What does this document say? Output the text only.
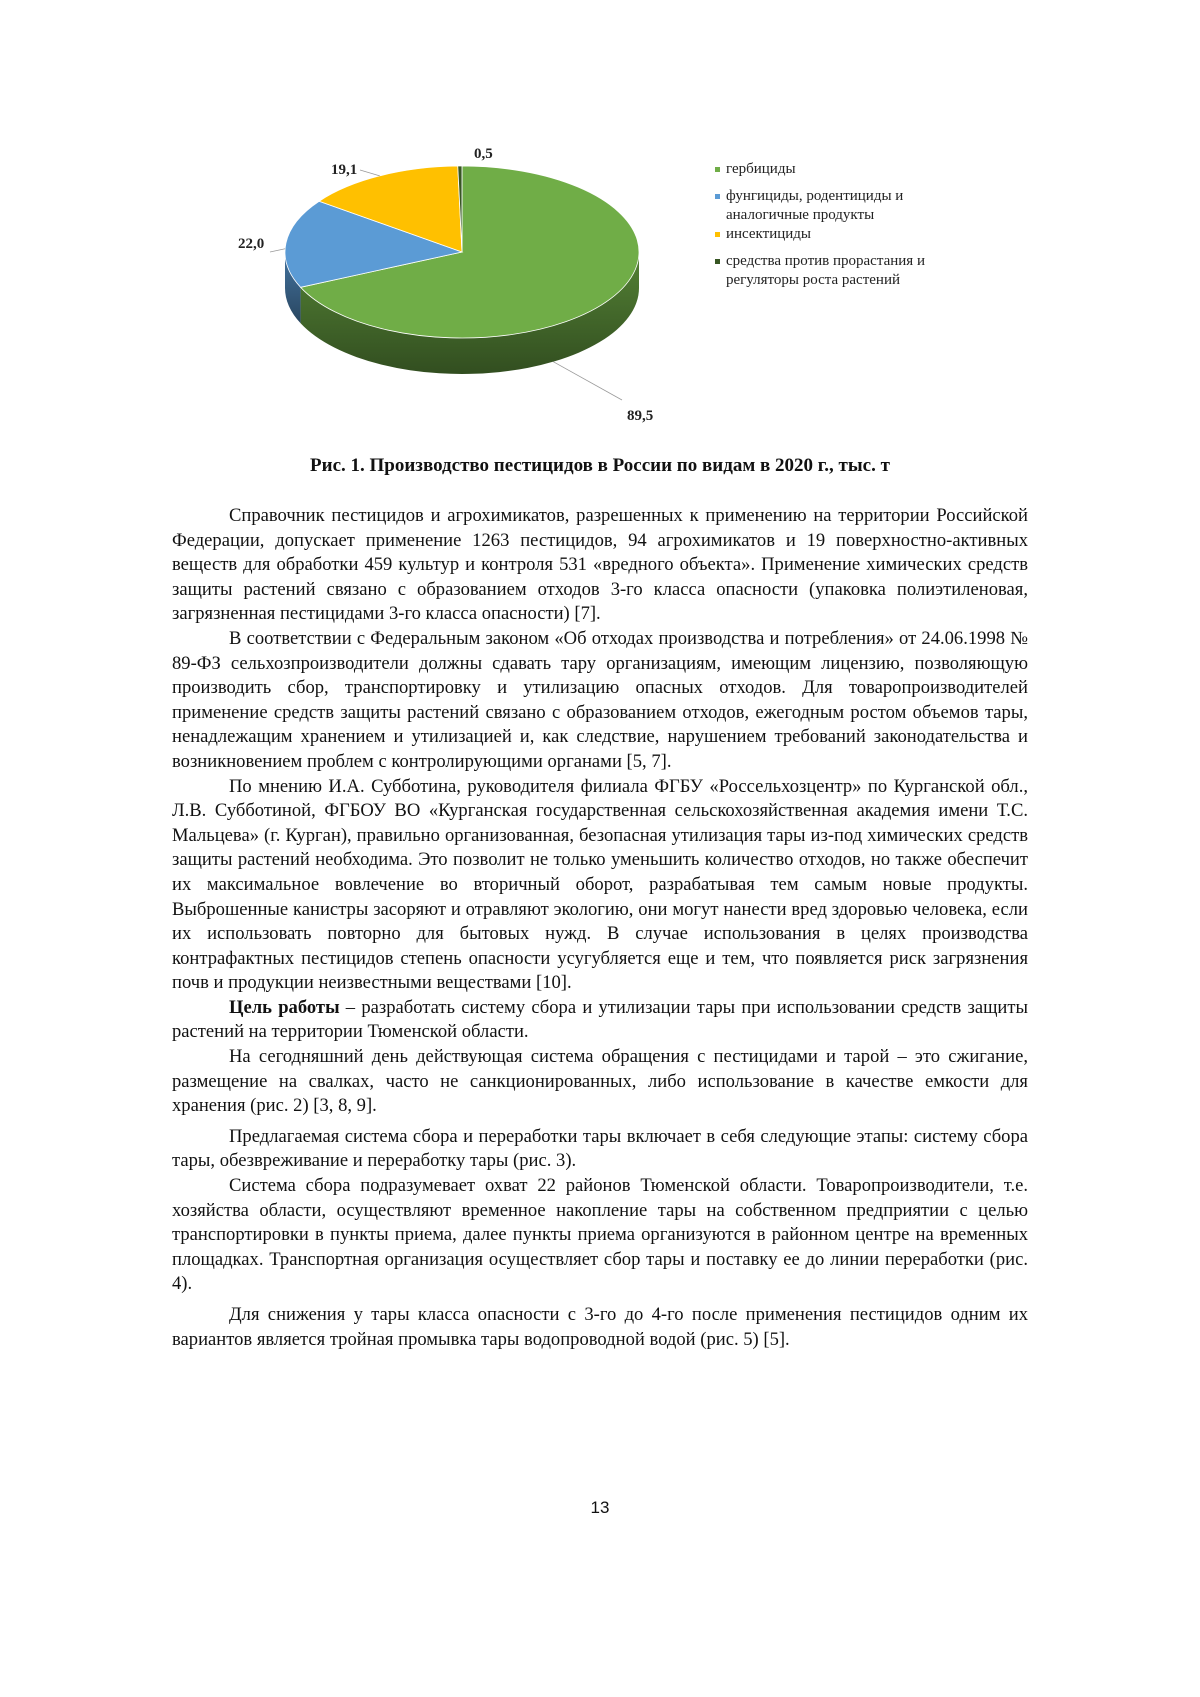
89,5
22,0
19,1
0,5
гербициды
фунгициды, родентициды и аналогичные продукты
инсектициды
средства против прорастания и регуляторы роста растений
Рис. 1. Производство пестицидов в России по видам в 2020 г., тыс. т

Справочник пестицидов и агрохимикатов, разрешенных к применению на территории Российской Федерации, допускает применение 1263 пестицидов, 94 агрохимикатов и 19 поверхностно-активных веществ для обработки 459 культур и контроля 531 «вредного объекта». Применение химических средств защиты растений связано с образованием отходов 3-го класса опасности (упаковка полиэтиленовая, загрязненная пестицидами 3-го класса опасности) [7].

В соответствии с Федеральным законом «Об отходах производства и потребления» от 24.06.1998 № 89-ФЗ сельхозпроизводители должны сдавать тару организациям, имеющим лицензию, позволяющую производить сбор, транспортировку и утилизацию опасных отходов. Для товаропроизводителей применение средств защиты растений связано с образованием отходов, ежегодным ростом объемов тары, ненадлежащим хранением и утилизацией и, как следствие, нарушением требований законодательства и возникновением проблем с контролирующими органами [5, 7].

По мнению И.А. Субботина, руководителя филиала ФГБУ «Россельхозцентр» по Курганской обл., Л.В. Субботиной, ФГБОУ ВО «Курганская государственная сельскохозяйственная академия имени Т.С. Мальцева» (г. Курган), правильно организованная, безопасная утилизация тары из-под химических средств защиты растений необходима. Это позволит не только уменьшить количество отходов, но также обеспечит их максимальное вовлечение во вторичный оборот, разрабатывая тем самым новые продукты. Выброшенные канистры засоряют и отравляют экологию, они могут нанести вред здоровью человека, если их использовать повторно для бытовых нужд. В случае использования в целях производства контрафактных пестицидов степень опасности усугубляется еще и тем, что появляется риск загрязнения почв и продукции неизвестными веществами [10].

Цель работы – разработать систему сбора и утилизации тары при использовании средств защиты растений на территории Тюменской области.

На сегодняшний день действующая система обращения с пестицидами и тарой – это сжигание, размещение на свалках, часто не санкционированных, либо использование в качестве емкости для хранения (рис. 2) [3, 8, 9].

Предлагаемая система сбора и переработки тары включает в себя следующие этапы: систему сбора тары, обезвреживание и переработку тары (рис. 3).

Система сбора подразумевает охват 22 районов Тюменской области. Товаропроизводители, т.е. хозяйства области, осуществляют временное накопление тары на собственном предприятии с целью транспортировки в пункты приема, далее пункты приема организуются в районном центре на временных площадках. Транспортная организация осуществляет сбор тары и поставку ее до линии переработки (рис. 4).

Для снижения у тары класса опасности с 3-го до 4-го после применения пестицидов одним их вариантов является тройная промывка тары водопроводной водой (рис. 5) [5].

13
